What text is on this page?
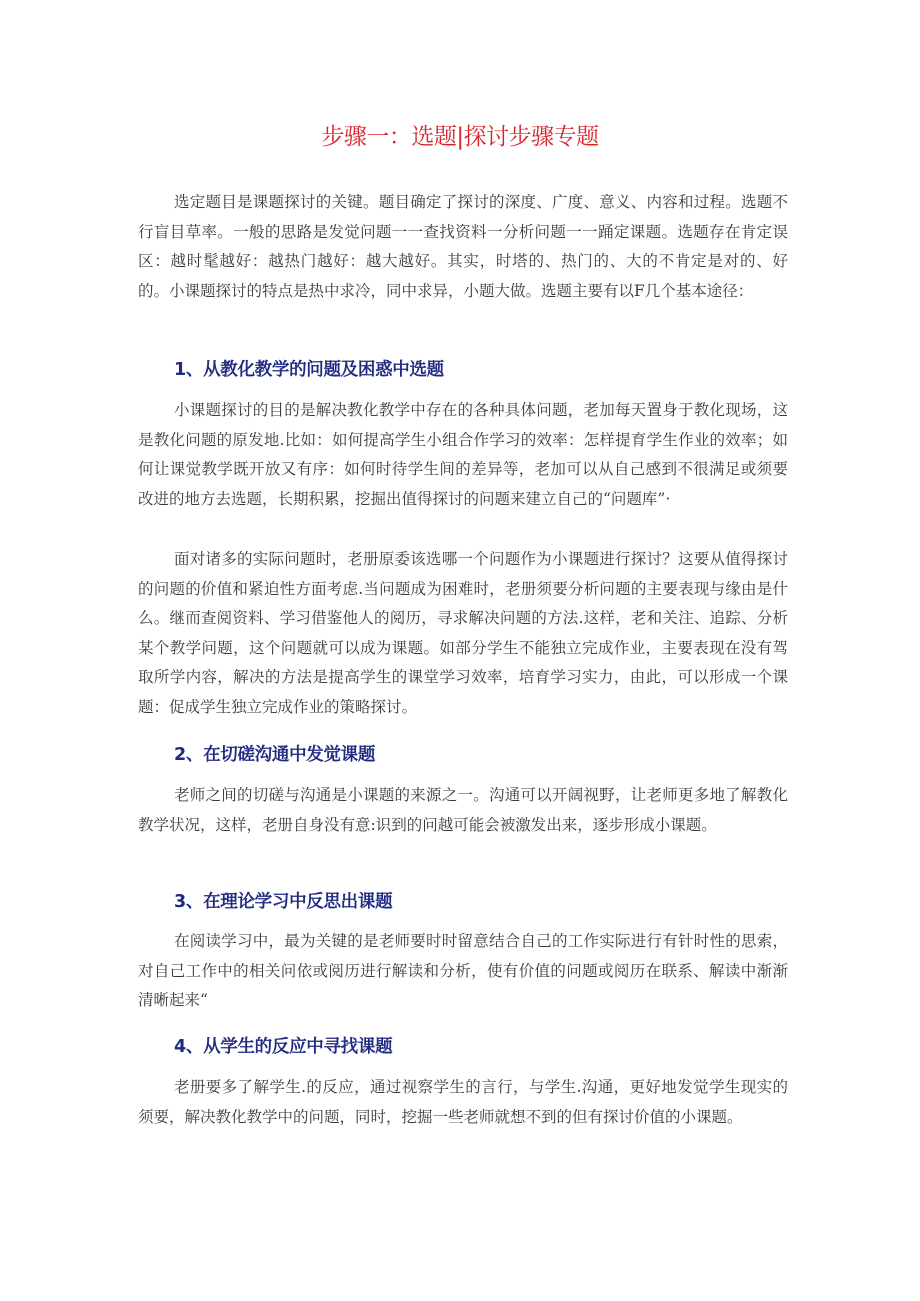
步骤一：选题|探讨步骤专题

选定题目是课题探讨的关键。题目确定了探讨的深度、广度、意义、内容和过程。选题不行盲目草率。一般的思路是发觉问题一一查找资料一分析问题一一踊定课题。选题存在肯定误区：越时髦越好：越热门越好：越大越好。其实，时塔的、热门的、大的不肯定是对的、好的。小课题探讨的特点是热中求冷，同中求异，小题大做。选题主要有以F几个基本途径：

1、从教化教学的问题及困惑中选题

小课题探讨的目的是解决教化教学中存在的各种具体问题，老加每天置身于教化现场，这是教化问题的原发地.比如：如何提高学生小组合作学习的效率：怎样提育学生作业的效率；如何让课觉教学既开放又有序：如何时待学生间的差异等，老加可以从自己感到不很满足或须要改进的地方去选题，长期积累，挖掘出值得探讨的问题来建立自己的“问题库”·

面对诸多的实际问题时，老册原委该选哪一个问题作为小课题进行探讨？这要从值得探讨的问题的价值和紧迫性方面考虑.当问题成为困难时，老册须要分析问题的主要表现与缘由是什么。继而查阅资料、学习借鉴他人的阅历，寻求解决问题的方法.这样，老和关注、追踪、分析某个教学问题，这个问题就可以成为课题。如部分学生不能独立完成作业，主要表现在没有驾取所学内容，解决的方法是提高学生的课堂学习效率，培育学习实力，由此，可以形成一个课题：促成学生独立完成作业的策略探讨。

2、在切磋沟通中发觉课题

老师之间的切磋与沟通是小课题的来源之一。沟通可以开阔视野，让老师更多地了解教化教学状况，这样，老册自身没有意:识到的问越可能会被激发出来，逐步形成小课题。

3、在理论学习中反思出课题

在阅读学习中，最为关键的是老师要时时留意结合自己的工作实际进行有针时性的思索，对自己工作中的相关问依或阅历进行解读和分析，使有价值的问题或阅历在联系、解读中渐渐清晰起来“

4、从学生的反应中寻找课题

老册要多了解学生.的反应，通过视察学生的言行，与学生.沟通，更好地发觉学生现实的须要，解决教化教学中的问题，同时，挖掘一些老师就想不到的但有探讨价值的小课题。
